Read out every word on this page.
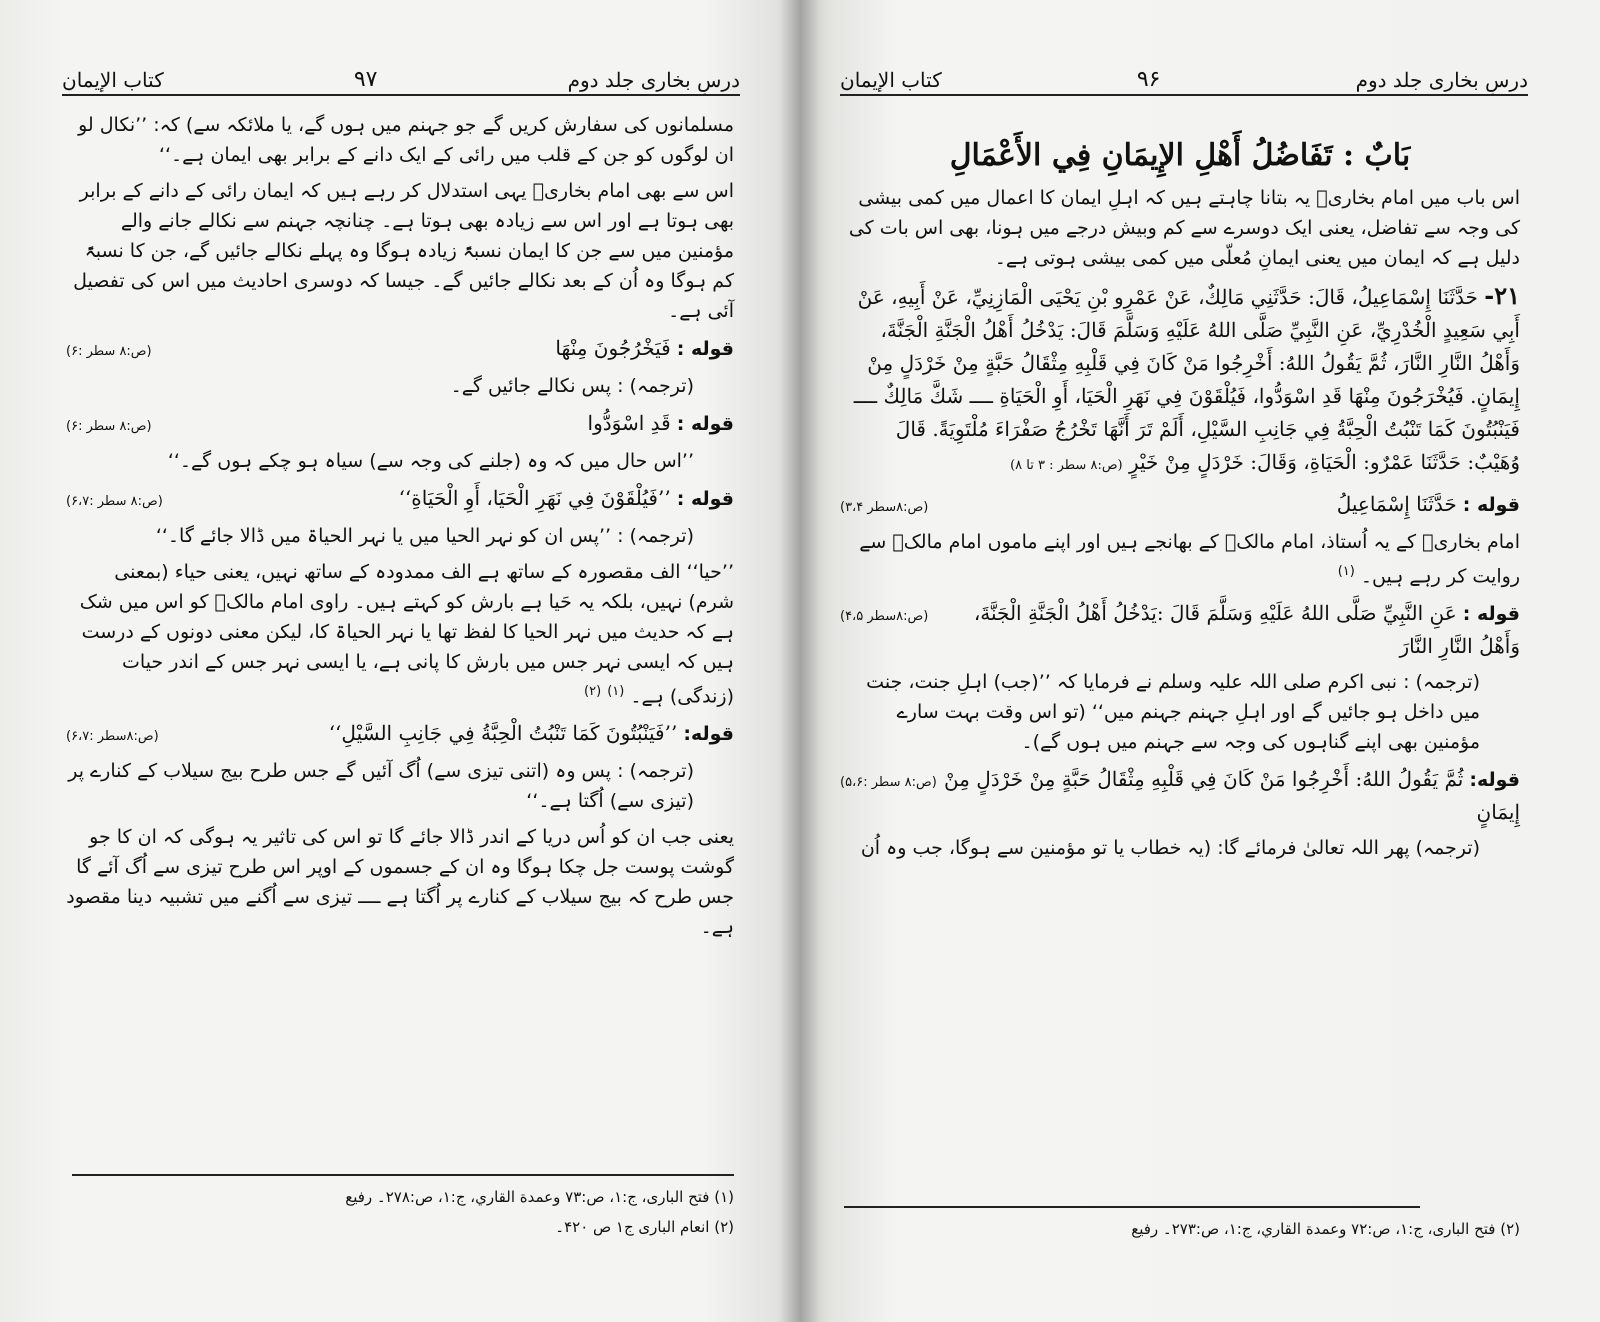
کتاب الإیمان	۹۷	درسِ بخاری جلد دوم

مسلمانوں کی سفارش کریں گے جو جہنم میں ہوں گے، یا ملائکہ سے) کہ: ’’نکال لو ان لوگوں کو جن کے قلب میں رائی کے ایک دانے کے برابر بھی ایمان ہے۔‘‘

اس سے بھی امام بخاریؒ یہی استدلال کر رہے ہیں کہ ایمان رائی کے دانے کے برابر بھی ہوتا ہے اور اس سے زیادہ بھی ہوتا ہے۔ چنانچہ جہنم سے نکالے جانے والے مؤمنین میں سے جن کا ایمان نسبۃً زیادہ ہوگا وہ پہلے نکالے جائیں گے، جن کا نسبۃً کم ہوگا وہ اُن کے بعد نکالے جائیں گے۔ جیسا کہ دوسری احادیث میں اس کی تفصیل آئی ہے۔

قوله : فَيَخْرُجُونَ مِنْهَا
(ص:۸ سطر :۶)

(ترجمہ) : پس نکالے جائیں گے۔

قوله : قَدِ اسْوَدُّوا
(ص:۸ سطر :۶)

’’اس حال میں کہ وہ (جلنے کی وجہ سے) سیاہ ہو چکے ہوں گے۔‘‘

قوله : ’’فَيُلْقَوْنَ فِي نَهَرِ الْحَيَا، أَوِ الْحَيَاةِ‘‘
(ص:۸ سطر :۶،۷)

(ترجمہ) : ’’پس ان کو نہر الحیا میں یا نہر الحیاۃ میں ڈالا جائے گا۔‘‘

’’حیا‘‘ الف مقصورہ کے ساتھ ہے الف ممدودہ کے ساتھ نہیں، یعنی حیاء (بمعنی شرم) نہیں، بلکہ یہ حَیا ہے بارش کو کہتے ہیں۔ راوی امام مالکؒ کو اس میں شک ہے کہ حدیث میں نہر الحیا کا لفظ تھا یا نہر الحیاۃ کا، لیکن معنی دونوں کے درست ہیں کہ ایسی نہر جس میں بارش کا پانی ہے، یا ایسی نہر جس کے اندر حیات (زندگی) ہے۔ $^{(۱)}$ $^{(۲)}$

قوله: ’’فَيَنْبُتُونَ كَمَا تَنْبُتُ الْحِبَّةُ فِي جَانِبِ السَّيْلِ‘‘
(ص:۸سطر :۶،۷)

(ترجمہ) : پس وہ (اتنی تیزی سے) اُگ آئیں گے جس طرح بیج سیلاب کے کنارے پر (تیزی سے) اُگتا ہے۔‘‘

یعنی جب ان کو اُس دریا کے اندر ڈالا جائے گا تو اس کی تاثیر یہ ہوگی کہ ان کا جو گوشت پوست جل چکا ہوگا وہ ان کے جسموں کے اوپر اس طرح تیزی سے اُگ آئے گا جس طرح کہ بیج سیلاب کے کنارے پر اُگتا ہے ــــ تیزی سے اُگنے میں تشبیہ دینا مقصود ہے۔

(۱) فتح الباری، ج:۱، ص:۷۳ وعمدة القاري، ج:۱، ص:۲۷۸۔ رفیع
(۲) انعام الباری ج۱ ص ۴۲۰۔
کتاب الإیمان	۹۶	درسِ بخاری جلد دوم
بَابٌ : تَفَاضُلُ أَهْلِ الإِيمَانِ فِي الأَعْمَالِ

اس باب میں امام بخاریؒ یہ بتانا چاہتے ہیں کہ اہلِ ایمان کا اعمال میں کمی بیشی کی وجہ سے تفاضل، یعنی ایک دوسرے سے کم وبیش درجے میں ہونا، بھی اس بات کی دلیل ہے کہ ایمان میں یعنی ایمانِ مُعلّی میں کمی بیشی ہوتی ہے۔

۲۱- حَدَّثَنَا إِسْمَاعِيلُ، قَالَ: حَدَّثَنِي مَالِكٌ، عَنْ عَمْرِو بْنِ يَحْيَى الْمَازِنِيِّ، عَنْ أَبِيهِ، عَنْ أَبِي سَعِيدٍ الْخُدْرِيِّ، عَنِ النَّبِيِّ صَلَّى اللهُ عَلَيْهِ وَسَلَّمَ قَالَ: يَدْخُلُ أَهْلُ الْجَنَّةِ الْجَنَّةَ، وَأَهْلُ النَّارِ النَّارَ، ثُمَّ يَقُولُ اللهُ: أَخْرِجُوا مَنْ كَانَ فِي قَلْبِهِ مِثْقَالُ حَبَّةٍ مِنْ خَرْدَلٍ مِنْ إِيمَانٍ. فَيُخْرَجُونَ مِنْهَا قَدِ اسْوَدُّوا، فَيُلْقَوْنَ فِي نَهَرِ الْحَيَا، أَوِ الْحَيَاةِ ــــ شَكَّ مَالِكٌ ــــ فَيَنْبُتُونَ كَمَا تَنْبُتُ الْحِبَّةُ فِي جَانِبِ السَّيْلِ، أَلَمْ تَرَ أَنَّهَا تَخْرُجُ صَفْرَاءَ مُلْتَوِيَةً. قَالَ وُهَيْبٌ: حَدَّثَنَا عَمْرٌو: الْحَيَاةِ، وَقَالَ: خَرْدَلٍ مِنْ خَيْرٍ (ص:۸ سطر : ۳ تا ۸)

قوله : حَدَّثَنَا إِسْمَاعِيلُ
(ص:۸سطر ۳،۴)

امام بخاریؒ کے یہ اُستاذ، امام مالکؒ کے بھانجے ہیں اور اپنے ماموں امام مالکؒ سے روایت کر رہے ہیں۔ $^{(۱)}$

قوله : عَنِ النَّبِيِّ صَلَّى اللهُ عَلَيْهِ وَسَلَّمَ قَالَ :يَدْخُلُ أَهْلُ الْجَنَّةِ الْجَنَّةَ، وَأَهْلُ النَّارِ النَّارَ
(ص:۸سطر ۴،۵)

(ترجمہ) : نبی اکرم صلی اللہ علیہ وسلم نے فرمایا کہ ’’(جب) اہلِ جنت، جنت میں داخل ہو جائیں گے اور اہلِ جہنم جہنم میں‘‘ (تو اس وقت بہت سارے مؤمنین بھی اپنے گناہوں کی وجہ سے جہنم میں ہوں گے)۔

قوله: ثُمَّ يَقُولُ اللهُ: أَخْرِجُوا مَنْ كَانَ فِي قَلْبِهِ مِثْقَالُ حَبَّةٍ مِنْ خَرْدَلٍ مِنْ إِيمَانٍ
(ص:۸ سطر :۵،۶)

(ترجمہ) پھر اللہ تعالیٰ فرمائے گا: (یہ خطاب یا تو مؤمنین سے ہوگا، جب وہ اُن

(۲) فتح الباری، ج:۱، ص:۷۲ وعمدة القاري، ج:۱، ص:۲۷۳۔ رفیع
